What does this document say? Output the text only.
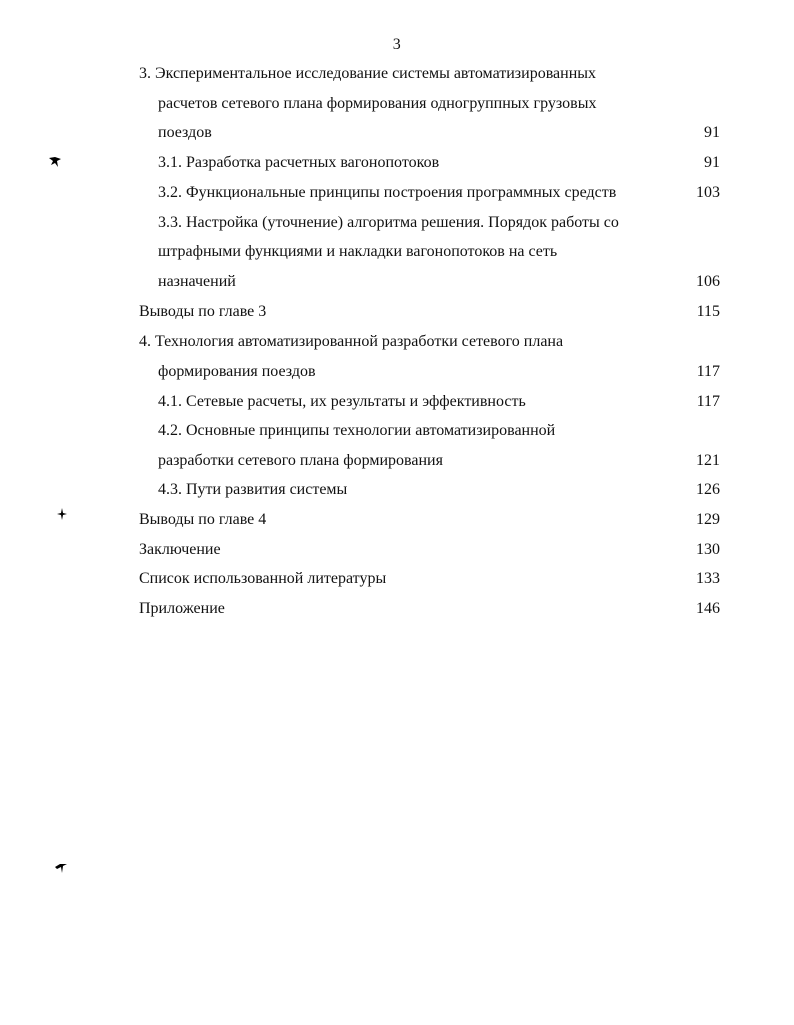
3
3. Экспериментальное исследование системы автоматизированных
расчетов сетевого плана формирования одногруппных грузовых
поездов	91
3.1. Разработка расчетных вагонопотоков	91
3.2. Функциональные принципы построения программных средств	103
3.3. Настройка (уточнение) алгоритма решения. Порядок работы со
штрафными функциями и накладки вагонопотоков на сеть
назначений	106
Выводы по главе 3	115
4. Технология автоматизированной разработки сетевого плана
формирования поездов	117
4.1. Сетевые расчеты, их результаты и эффективность	117
4.2. Основные принципы технологии автоматизированной
разработки сетевого плана формирования	121
4.3. Пути развития системы	126
Выводы по главе 4	129
Заключение	130
Список использованной литературы	133
Приложение	146
